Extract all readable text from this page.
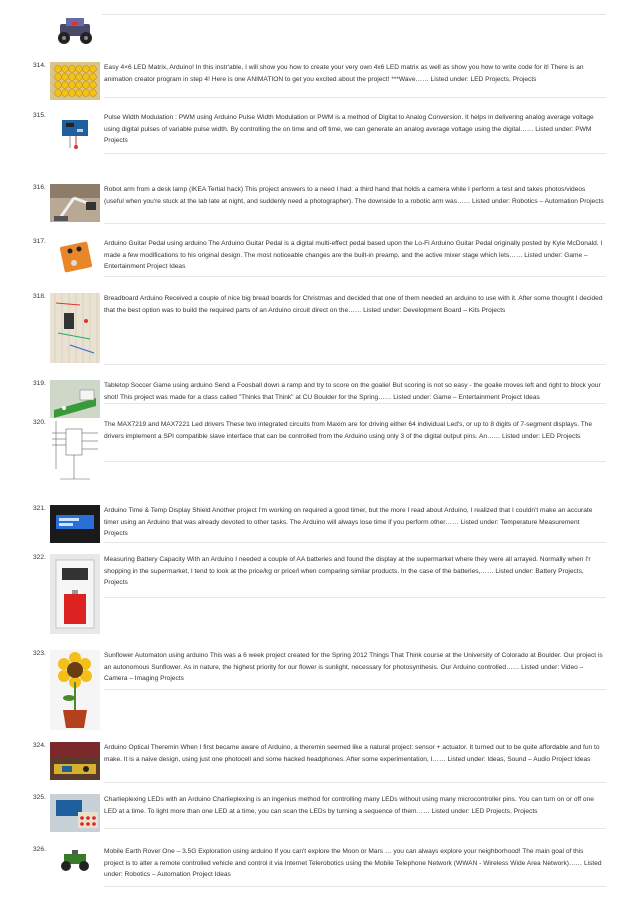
314.	Easy 4×6 LED Matrix, Arduino! In this instr'able, I will show you how to create your very own 4x6 LED matrix as well as show you how to write code for it! There is an animation creator program in step 4! Here is one ANIMATION to get you excited about the project! ***Wave…… Listed under: LED Projects, Projects
315.	Pulse Width Modulation : PWM using Arduino Pulse Width Modulation or PWM is a method of Digital to Analog Conversion. It helps in delivering analog average voltage using digital pulses of variable pulse width. By controlling the on time and off time, we can generate an analog average voltage using the digital…… Listed under: PWM Projects
316.	Robot arm from a desk lamp (IKEA Tertial hack) This project answers to a need I had: a third hand that holds a camera while I perform a test and takes photos/videos (useful when you're stuck at the lab late at night, and suddenly need a photographer). The downside to a robotic arm was…… Listed under: Robotics – Automation Projects
317.	Arduino Guitar Pedal using arduino The Arduino Guitar Pedal is a digital multi-effect pedal based upon the Lo-Fi Arduino Guitar Pedal originally posted by Kyle McDonald. I made a few modifications to his original design. The most noticeable changes are the built-in preamp, and the active mixer stage which lets…… Listed under: Game – Entertainment Project Ideas
318.	Breadboard Arduino Received a couple of nice big bread boards for Christmas and decided that one of them needed an arduino to use with it. After some thought I decided that the best option was to build the required parts of an Arduino circuit direct on the…… Listed under: Development Board – Kits Projects
319.	Tabletop Soccer Game using arduino Send a Foosball down a ramp and try to score on the goalie! But scoring is not so easy - the goalie moves left and right to block your shot! This project was made for a class called "Thinks that Think" at CU Boulder for the Spring…… Listed under: Game – Entertainment Project Ideas
320.	The MAX7219 and MAX7221 Led drivers These two integrated circuits from Maxim are for driving either 64 individual Led's, or up to 8 digits of 7-segment displays. The drivers implement a SPI compatible slave interface that can be controlled from the Arduino using only 3 of the digital output pins. An…… Listed under: LED Projects
321.	Arduino Time & Temp Display Shield Another project I'm working on required a good timer, but the more I read about Arduino, I realized that I couldn't make an accurate timer using an Arduino that was already devoted to other tasks. The Arduino will always lose time if you perform other…… Listed under: Temperature Measurement Projects
322.	Measuring Battery Capacity With an Arduino I needed a couple of AA batteries and found the display at the supermarket where they were all arrayed. Normally when I'r shopping in the supermarket, I tend to look at the price/kg or price/l when comparing similar products. In the case of the batteries,…… Listed under: Battery Projects, Projects
323.	Sunflower Automaton using arduino This was a 6 week project created for the Spring 2012 Things That Think course at the University of Colorado at Boulder. Our project is an autonomous Sunflower. As in nature, the highest priority for our flower is sunlight, necessary for photosynthesis. Our Arduino controlled…… Listed under: Video – Camera – Imaging Projects
324.	Arduino Optical Theremin When I first became aware of Arduino, a theremin seemed like a natural project: sensor + actuator. It turned out to be quite affordable and fun to make. It is a naive design, using just one photocell and some hacked headphones. After some experimentation, I…… Listed under: Ideas, Sound – Audio Project Ideas
325.	Charlieplexing LEDs with an Arduino Charlieplexing is an ingenius method for controlling many LEDs without using many microcontroller pins. You can turn on or off one LED at a time. To light more than one LED at a time, you can scan the LEDs by turning a sequence of them…… Listed under: LED Projects, Projects
326.	Mobile Earth Rover One – 3.5G Exploration using arduino If you can't explore the Moon or Mars … you can always explore your neighborhood! The main goal of this project is to alter a remote controlled vehicle and control it via Internet Telerobotics using the Mobile Telephone Network (WWAN - Wireless Wide Area Network)…… Listed under: Robotics – Automation Project Ideas
